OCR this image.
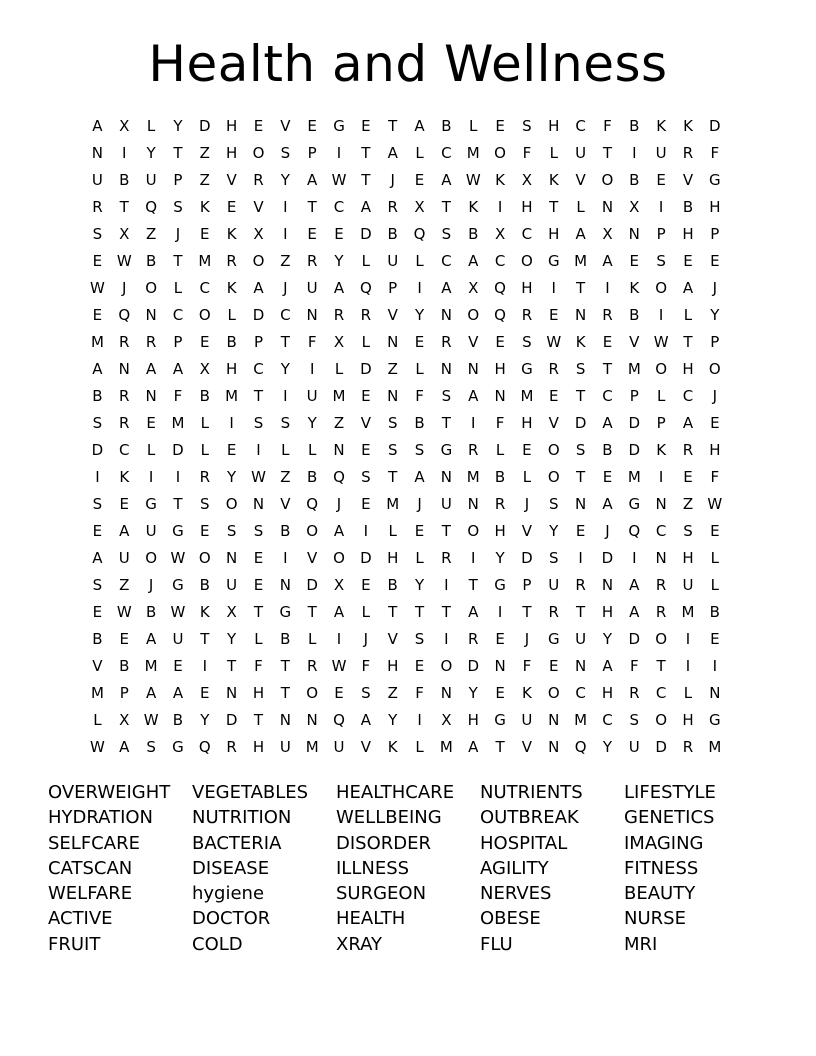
Health and Wellness
A	X	L	Y	D	H	E	V	E	G	E	T	A	B	L	E	S	H	C	F	B	K	K	D
N	I	Y	T	Z	H	O	S	P	I	T	A	L	C	M O	F	L	U	T	I	U	R	F
U	B	U	P	Z	V	R	Y	A W T	J	E	A W K	X	K	V	O	B	E	V	G
R	T	Q	S	K	E	V	I	T	C	A	R	X	T	K	I	H	T	L	N	X	I	B	H
S	X	Z	J	E	K	X	I	E	E	D	B	Q	S	B	X	C	H	A	X	N	P	H	P
E W B	T	M	R	O	Z	R	Y	L	U	L	C	A	C	O	G M	A	E	S	E	E
W	J	O	L	C	K	A	J	U	A	Q	P	I	A	X	Q	H	I	T	I	K	O	A	J
E	Q	N	C	O	L	D	C	N	R	R	V	Y	N	O	Q	R	E	N	R	B	I	L	Y
M	R	R	P	E	B	P	T	F	X	L	N	E	R	V	E	S W K	E	V W T	P
A	N	A	A	X	H	C	Y	I	L	D	Z	L	N	N	H	G	R	S	T	M O	H	O
B	R	N	F	B	M	T	I	U M	E	N	F	S	A	N M	E	T	C	P	L	C	J
S	R	E	M	L	I	S	S	Y	Z	V	S	B	T	I	F	H	V	D	A	D	P	A	E
D	C	L	D	L	E	I	L	L	N	E	S	S	G	R	L	E	O	S	B	D	K	R	H
I	K	I	I	R	Y W Z	B	Q	S	T	A	N M	B	L	O	T	E	M	I	E	F
S	E	G	T	S	O	N	V	Q	J	E	M	J	U	N	R	J	S	N	A	G	N	Z W
E	A	U	G	E	S	S	B	O	A	I	L	E	T	O	H	V	Y	E	J	Q	C	S	E
A	U	O W O	N	E	I	V	O	D	H	L	R	I	Y	D	S	I	D	I	N	H	L
S	Z	J	G	B	U	E	N	D	X	E	B	Y	I	T	G	P	U	R	N	A	R	U	L
E W B W K	X	T	G	T	A	L	T	T	T	A	I	T	R	T	H	A	R	M	B
B	E	A	U	T	Y	L	B	L	I	J	V	S	I	R	E	J	G	U	Y	D	O	I	E
V	B	M	E	I	T	F	T	R W	F	H	E	O	D	N	F	E	N	A	F	T	I	I
M	P	A	A	E	N	H	T	O	E	S	Z	F	N	Y	E	K	O	C	H	R	C	L	N
L	X W B	Y	D	T	N	N	Q	A	Y	I	X	H	G	U	N M	C	S	O	H	G
W A	S	G	Q	R	H	U M U	V	K	L	M	A	T	V	N	Q	Y	U	D	R	M
OVERWEIGHT
HYDRATION
SELFCARE
CATSCAN
WELFARE
ACTIVE
FRUIT
VEGETABLES
NUTRITION
BACTERIA
DISEASE
hygiene
DOCTOR
COLD
HEALTHCARE
WELLBEING
DISORDER
ILLNESS
SURGEON
HEALTH
XRAY
NUTRIENTS
OUTBREAK
HOSPITAL
AGILITY
NERVES
OBESE
FLU
LIFESTYLE
GENETICS
IMAGING
FITNESS
BEAUTY
NURSE
MRI
